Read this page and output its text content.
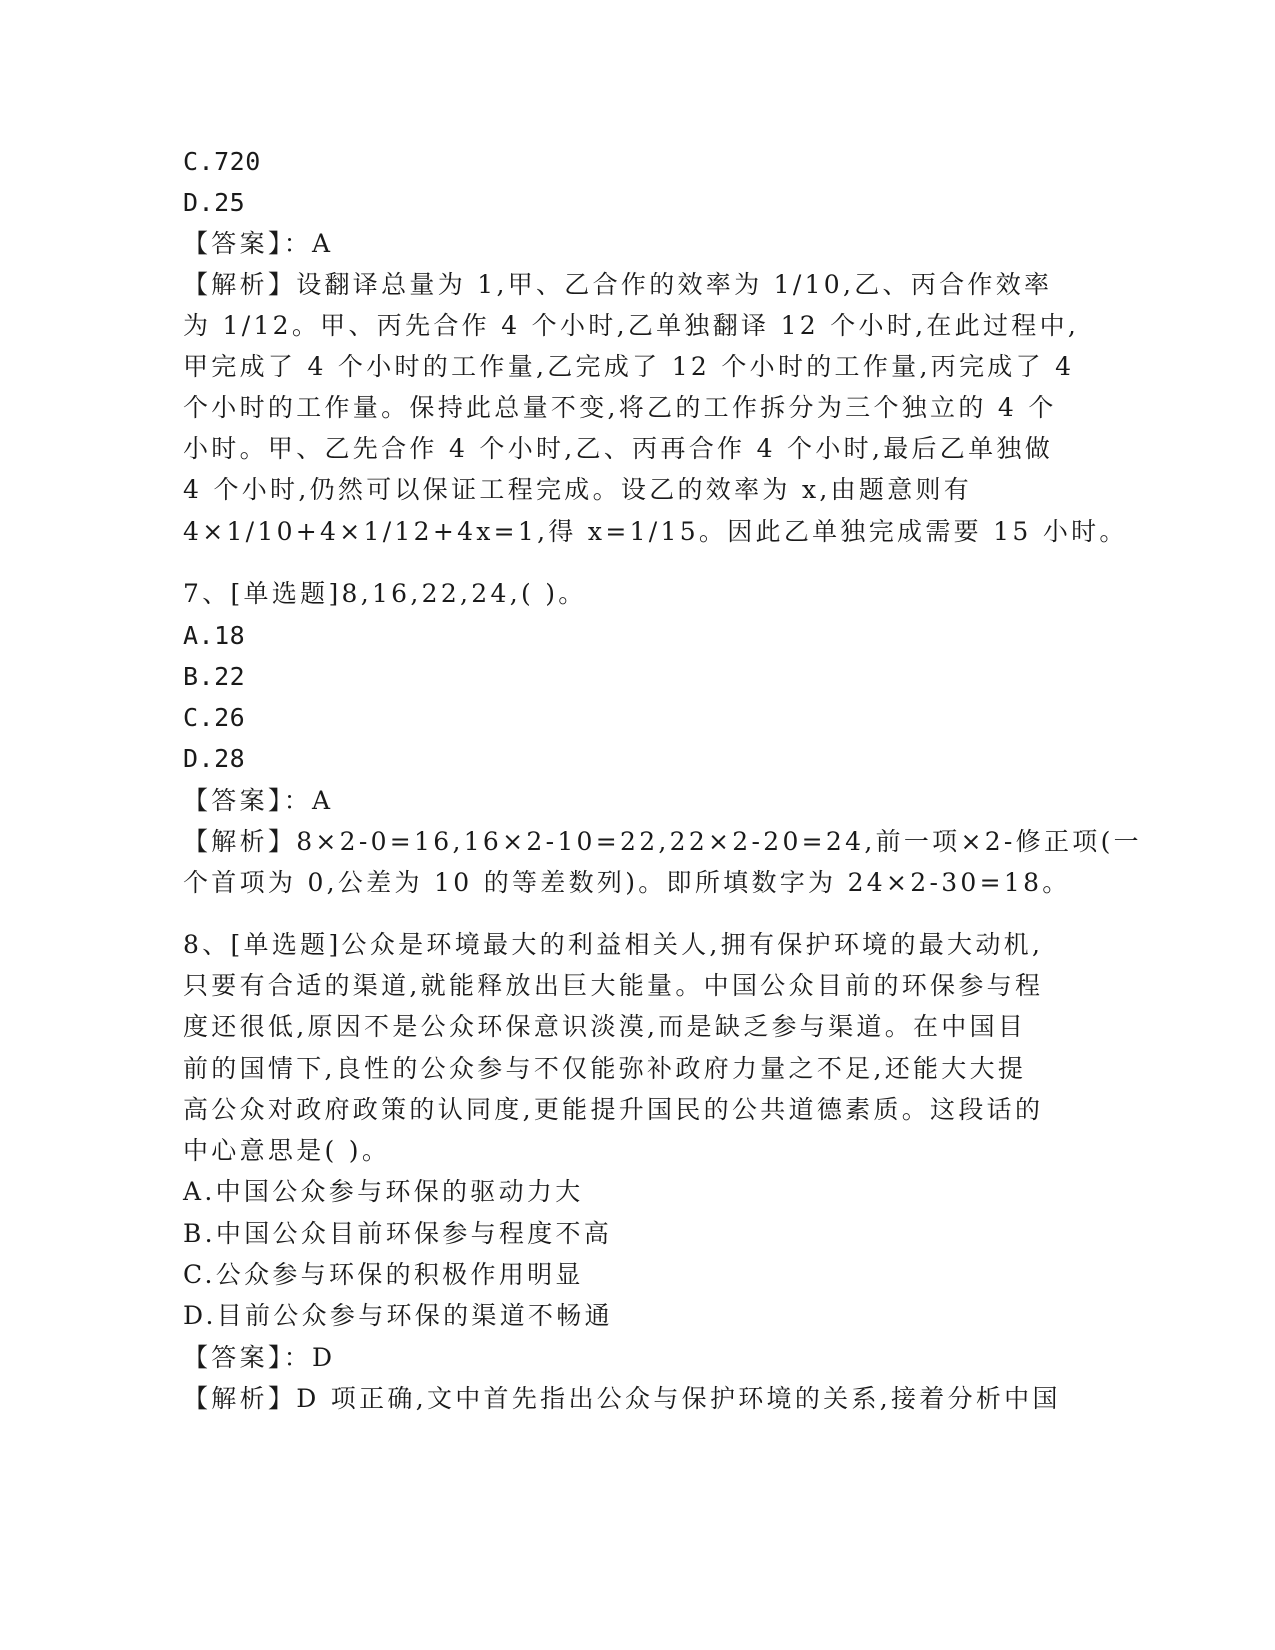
C.720

D.25

【答案】：A

【解析】设翻译总量为 1,甲、乙合作的效率为 1/10,乙、丙合作效率

为 1/12。甲、丙先合作 4 个小时,乙单独翻译 12 个小时,在此过程中,

甲完成了 4 个小时的工作量,乙完成了 12 个小时的工作量,丙完成了 4

个小时的工作量。保持此总量不变,将乙的工作拆分为三个独立的 4 个

小时。甲、乙先合作 4 个小时,乙、丙再合作 4 个小时,最后乙单独做

4 个小时,仍然可以保证工程完成。设乙的效率为 x,由题意则有

4×1/10+4×1/12+4x=1,得 x=1/15。因此乙单独完成需要 15 小时。

7、[单选题]8,16,22,24,( )。

A.18

B.22

C.26

D.28

【答案】：A

【解析】8×2-0=16,16×2-10=22,22×2-20=24,前一项×2-修正项(一

个首项为 0,公差为 10 的等差数列)。即所填数字为 24×2-30=18。

8、[单选题]公众是环境最大的利益相关人,拥有保护环境的最大动机,

只要有合适的渠道,就能释放出巨大能量。中国公众目前的环保参与程

度还很低,原因不是公众环保意识淡漠,而是缺乏参与渠道。在中国目

前的国情下,良性的公众参与不仅能弥补政府力量之不足,还能大大提

高公众对政府政策的认同度,更能提升国民的公共道德素质。这段话的

中心意思是( )。

A.中国公众参与环保的驱动力大

B.中国公众目前环保参与程度不高

C.公众参与环保的积极作用明显

D.目前公众参与环保的渠道不畅通

【答案】：D

【解析】D 项正确,文中首先指出公众与保护环境的关系,接着分析中国
